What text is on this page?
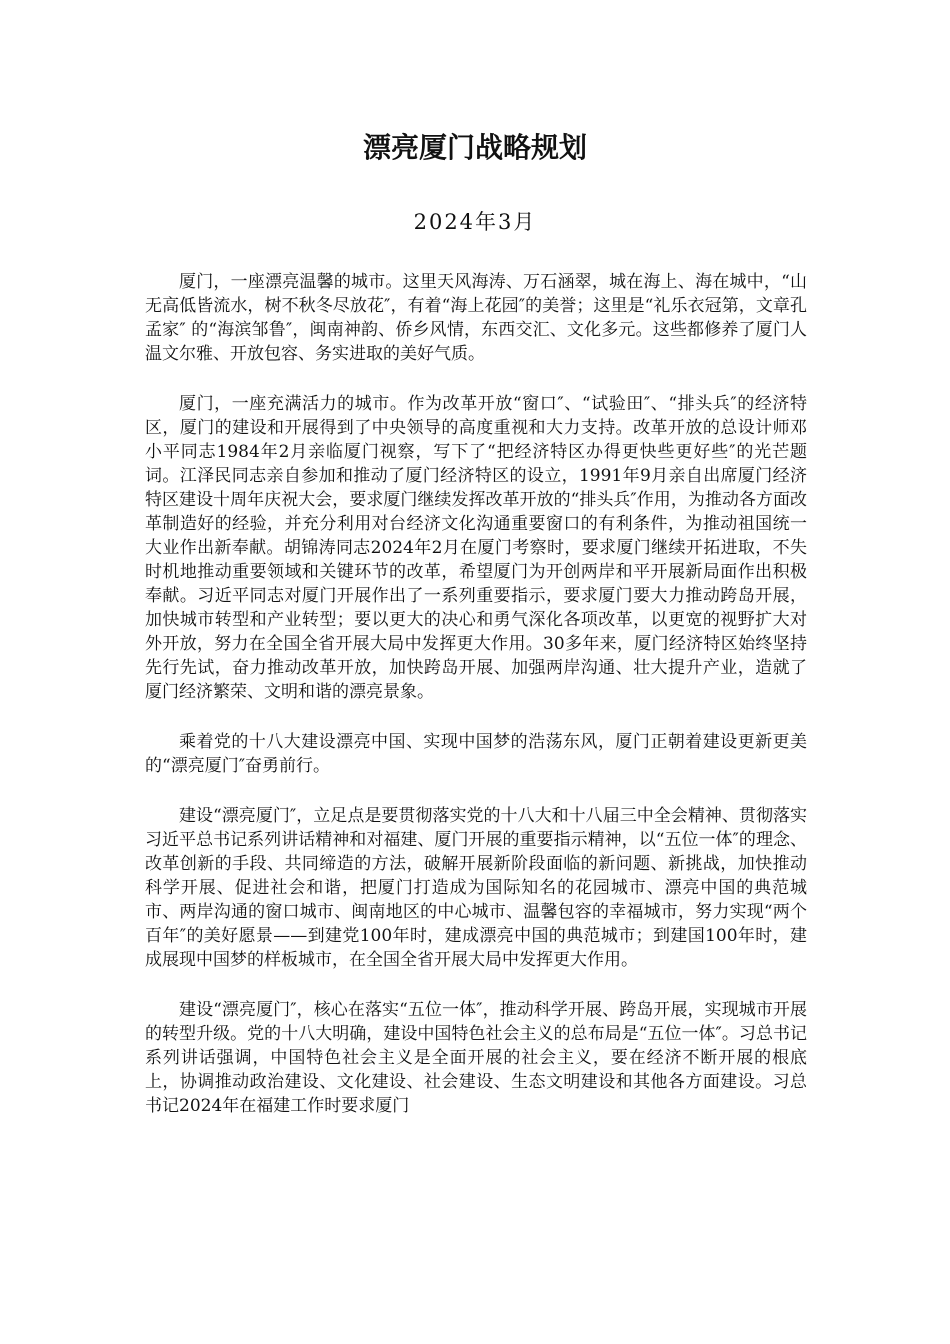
漂亮厦门战略规划
2024年3月

厦门，一座漂亮温馨的城市。这里天风海涛、万石涵翠，城在海上、海在城中，“山无高低皆流水，树不秋冬尽放花″，有着“海上花园″的美誉；这里是“礼乐衣冠第，文章孔孟家″ 的“海滨邹鲁″，闽南神韵、侨乡风情，东西交汇、文化多元。这些都修养了厦门人温文尔雅、开放包容、务实进取的美好气质。

厦门，一座充满活力的城市。作为改革开放“窗口″、“试验田″、“排头兵″的经济特区，厦门的建设和开展得到了中央领导的高度重视和大力支持。改革开放的总设计师邓小平同志1984年2月亲临厦门视察，写下了“把经济特区办得更快些更好些″的光芒题词。江泽民同志亲自参加和推动了厦门经济特区的设立，1991年9月亲自出席厦门经济特区建设十周年庆祝大会，要求厦门继续发挥改革开放的“排头兵″作用，为推动各方面改革制造好的经验，并充分利用对台经济文化沟通重要窗口的有利条件，为推动祖国统一大业作出新奉献。胡锦涛同志2024年2月在厦门考察时，要求厦门继续开拓进取，不失时机地推动重要领域和关键环节的改革，希望厦门为开创两岸和平开展新局面作出积极奉献。习近平同志对厦门开展作出了一系列重要指示，要求厦门要大力推动跨岛开展，加快城市转型和产业转型；要以更大的决心和勇气深化各项改革，以更宽的视野扩大对外开放，努力在全国全省开展大局中发挥更大作用。30多年来，厦门经济特区始终坚持先行先试，奋力推动改革开放，加快跨岛开展、加强两岸沟通、壮大提升产业，造就了厦门经济繁荣、文明和谐的漂亮景象。

乘着党的十八大建设漂亮中国、实现中国梦的浩荡东风，厦门正朝着建设更新更美的“漂亮厦门″奋勇前行。

建设“漂亮厦门″，立足点是要贯彻落实党的十八大和十八届三中全会精神、贯彻落实习近平总书记系列讲话精神和对福建、厦门开展的重要指示精神，以“五位一体″的理念、改革创新的手段、共同缔造的方法，破解开展新阶段面临的新问题、新挑战，加快推动科学开展、促进社会和谐，把厦门打造成为国际知名的花园城市、漂亮中国的典范城市、两岸沟通的窗口城市、闽南地区的中心城市、温馨包容的幸福城市，努力实现“两个百年″的美好愿景——到建党100年时，建成漂亮中国的典范城市；到建国100年时，建成展现中国梦的样板城市，在全国全省开展大局中发挥更大作用。

建设“漂亮厦门″，核心在落实“五位一体″，推动科学开展、跨岛开展，实现城市开展的转型升级。党的十八大明确，建设中国特色社会主义的总布局是“五位一体″。习总书记系列讲话强调，中国特色社会主义是全面开展的社会主义，要在经济不断开展的根底上，协调推动政治建设、文化建设、社会建设、生态文明建设和其他各方面建设。习总书记2024年在福建工作时要求厦门
